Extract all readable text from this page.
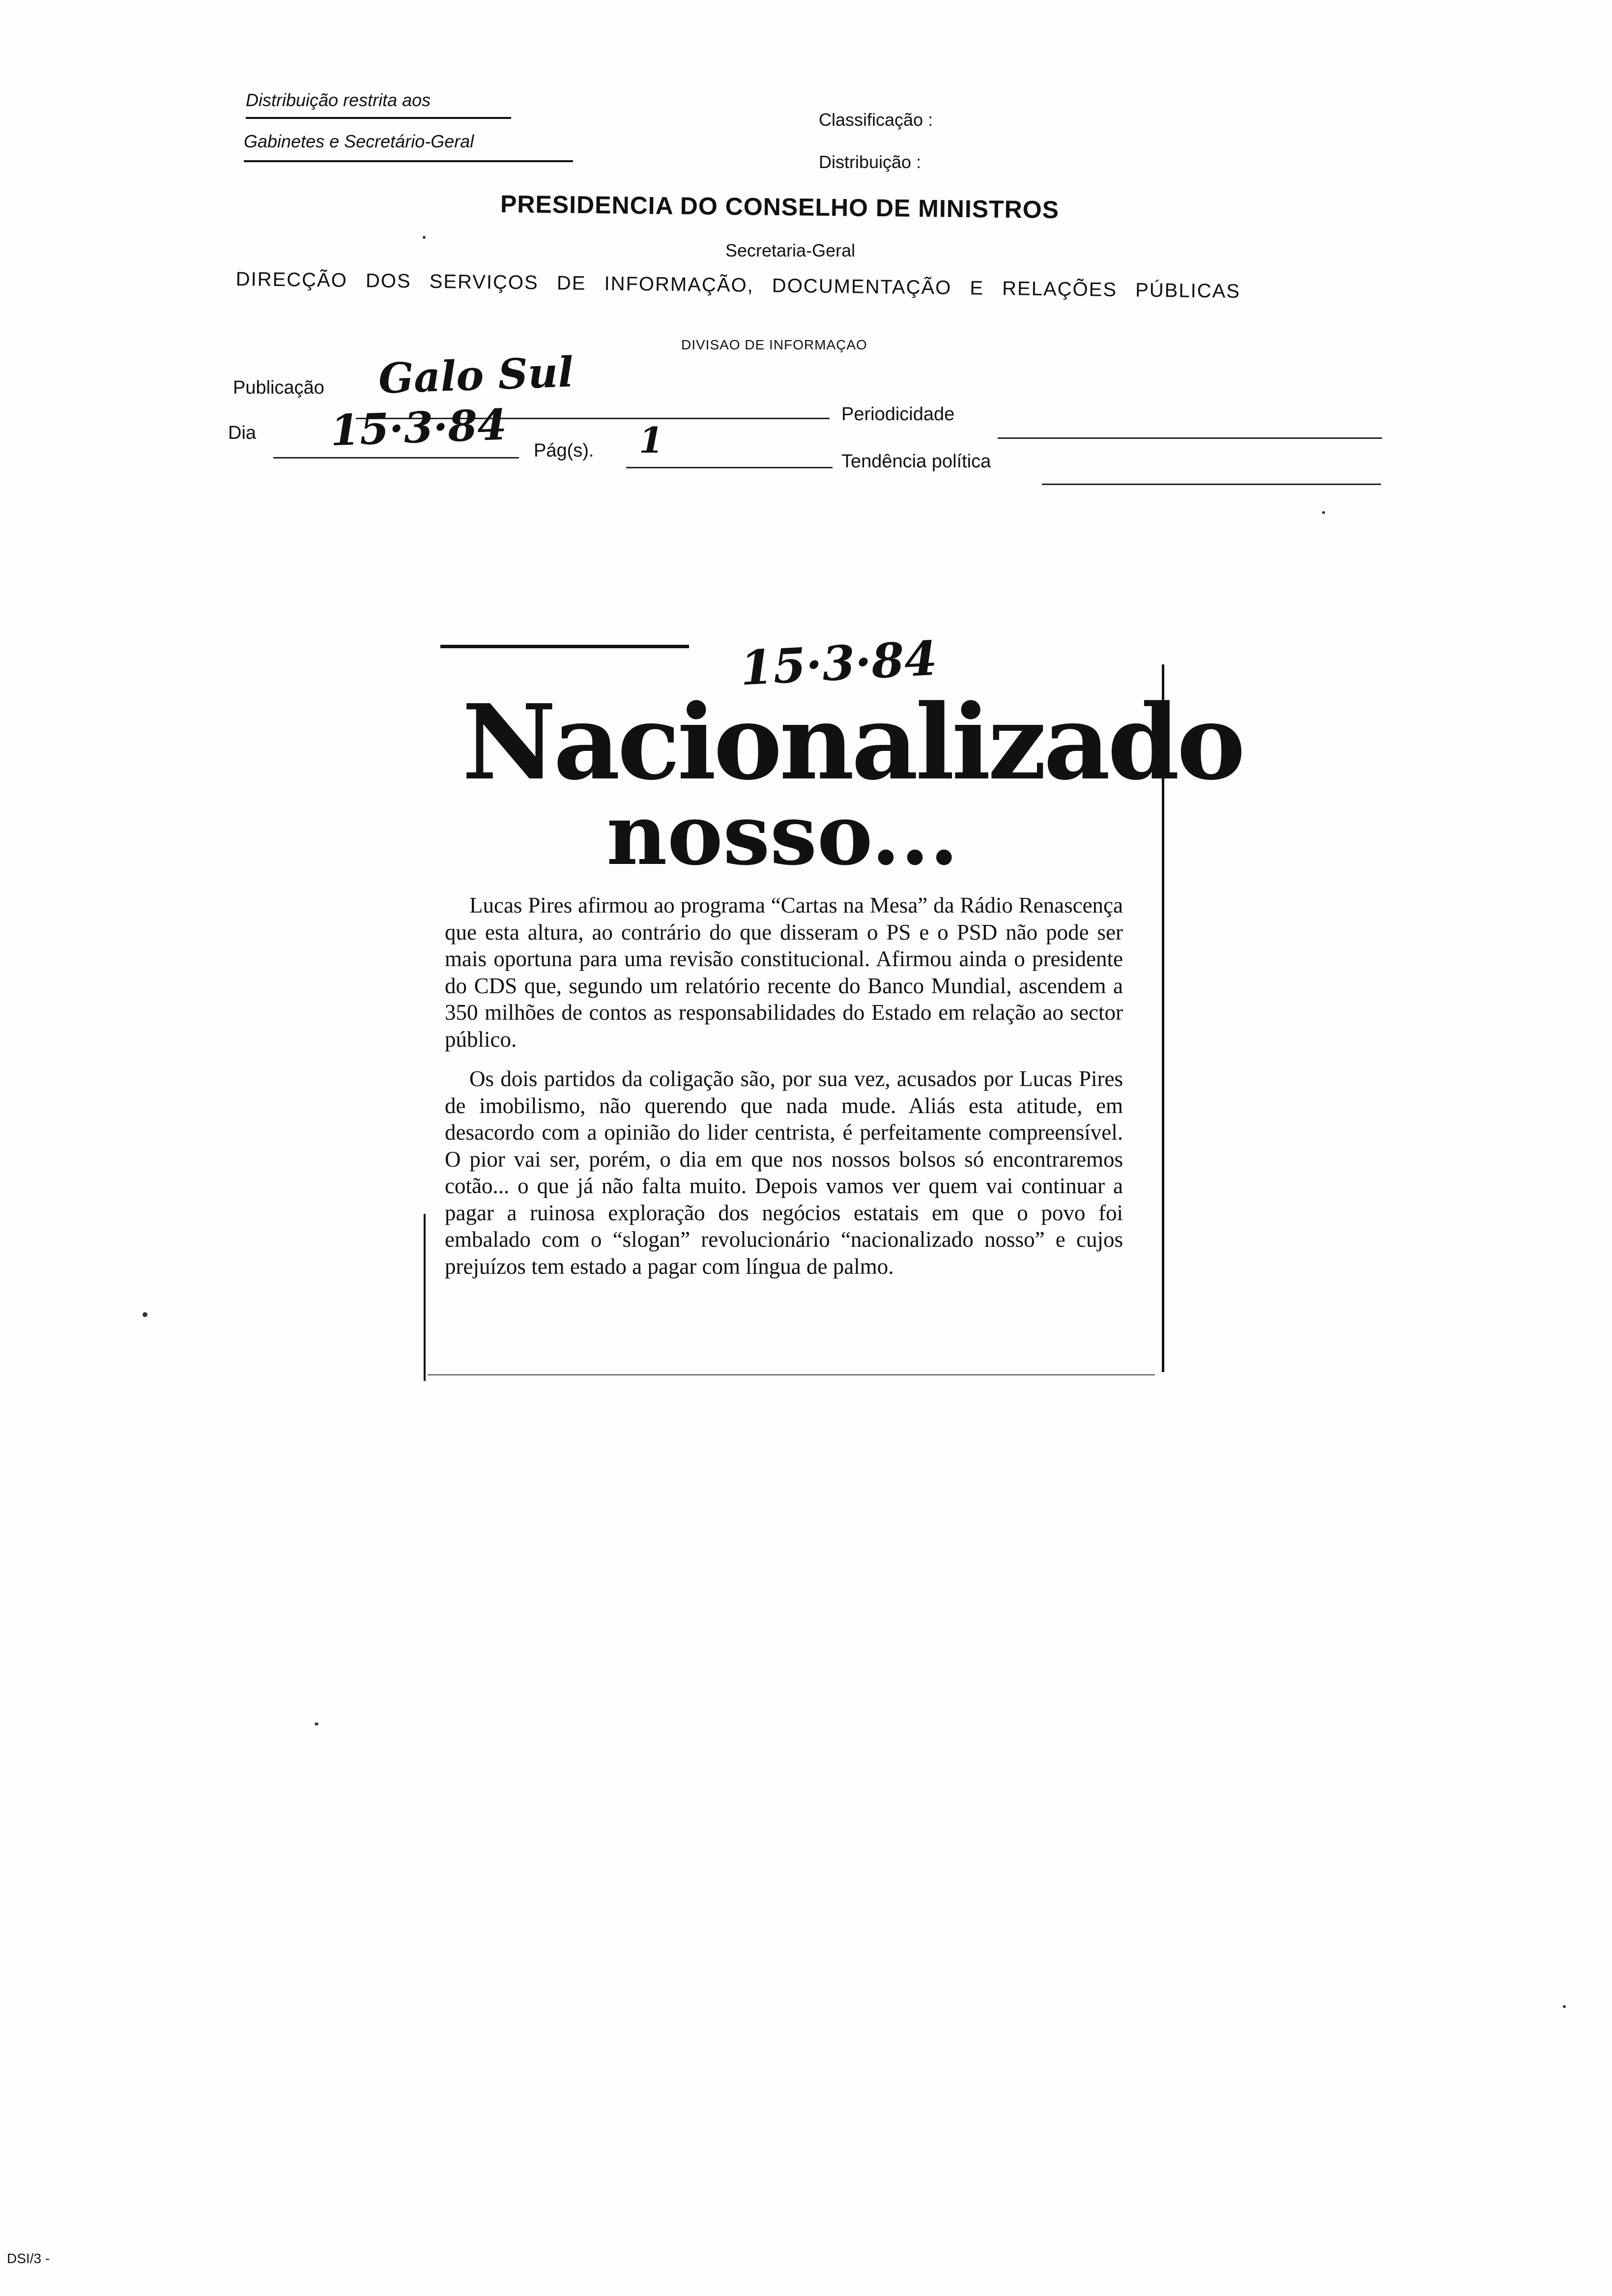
Distribuição restrita aos
Gabinetes e Secretário-Geral
Classificação :
Distribuição :
PRESIDENCIA DO CONSELHO DE MINISTROS
Secretaria-Geral
DIRECÇÃO DOS SERVIÇOS DE INFORMAÇÃO, DOCUMENTAÇÃO E RELAÇÕES PÚBLICAS
DIVISAO DE INFORMAÇAO
Publicação Galo Sul
Periodicidade
Dia 15·3·84 Pág(s). 1
Tendência política
15·3·84
Nacionalizado
nosso...

Lucas Pires afirmou ao programa “Cartas na Mesa” da Rádio Renascença que esta altura, ao contrário do que disseram o PS e o PSD não pode ser mais oportuna para uma revisão constitucional. Afirmou ainda o presidente do CDS que, segundo um relatório recente do Banco Mundial, ascendem a 350 milhões de contos as responsabilidades do Estado em relação ao sector público.

Os dois partidos da coligação são, por sua vez, acusados por Lucas Pires de imobilismo, não querendo que nada mude. Aliás esta atitude, em desacordo com a opinião do lider centrista, é perfeitamente compreensível. O pior vai ser, porém, o dia em que nos nossos bolsos só encontraremos cotão... o que já não falta muito. Depois vamos ver quem vai continuar a pagar a ruinosa exploração dos negócios estatais em que o povo foi embalado com o “slogan” revolucionário “nacionalizado nosso” e cujos prejuízos tem estado a pagar com língua de palmo.

DSI/3 -
